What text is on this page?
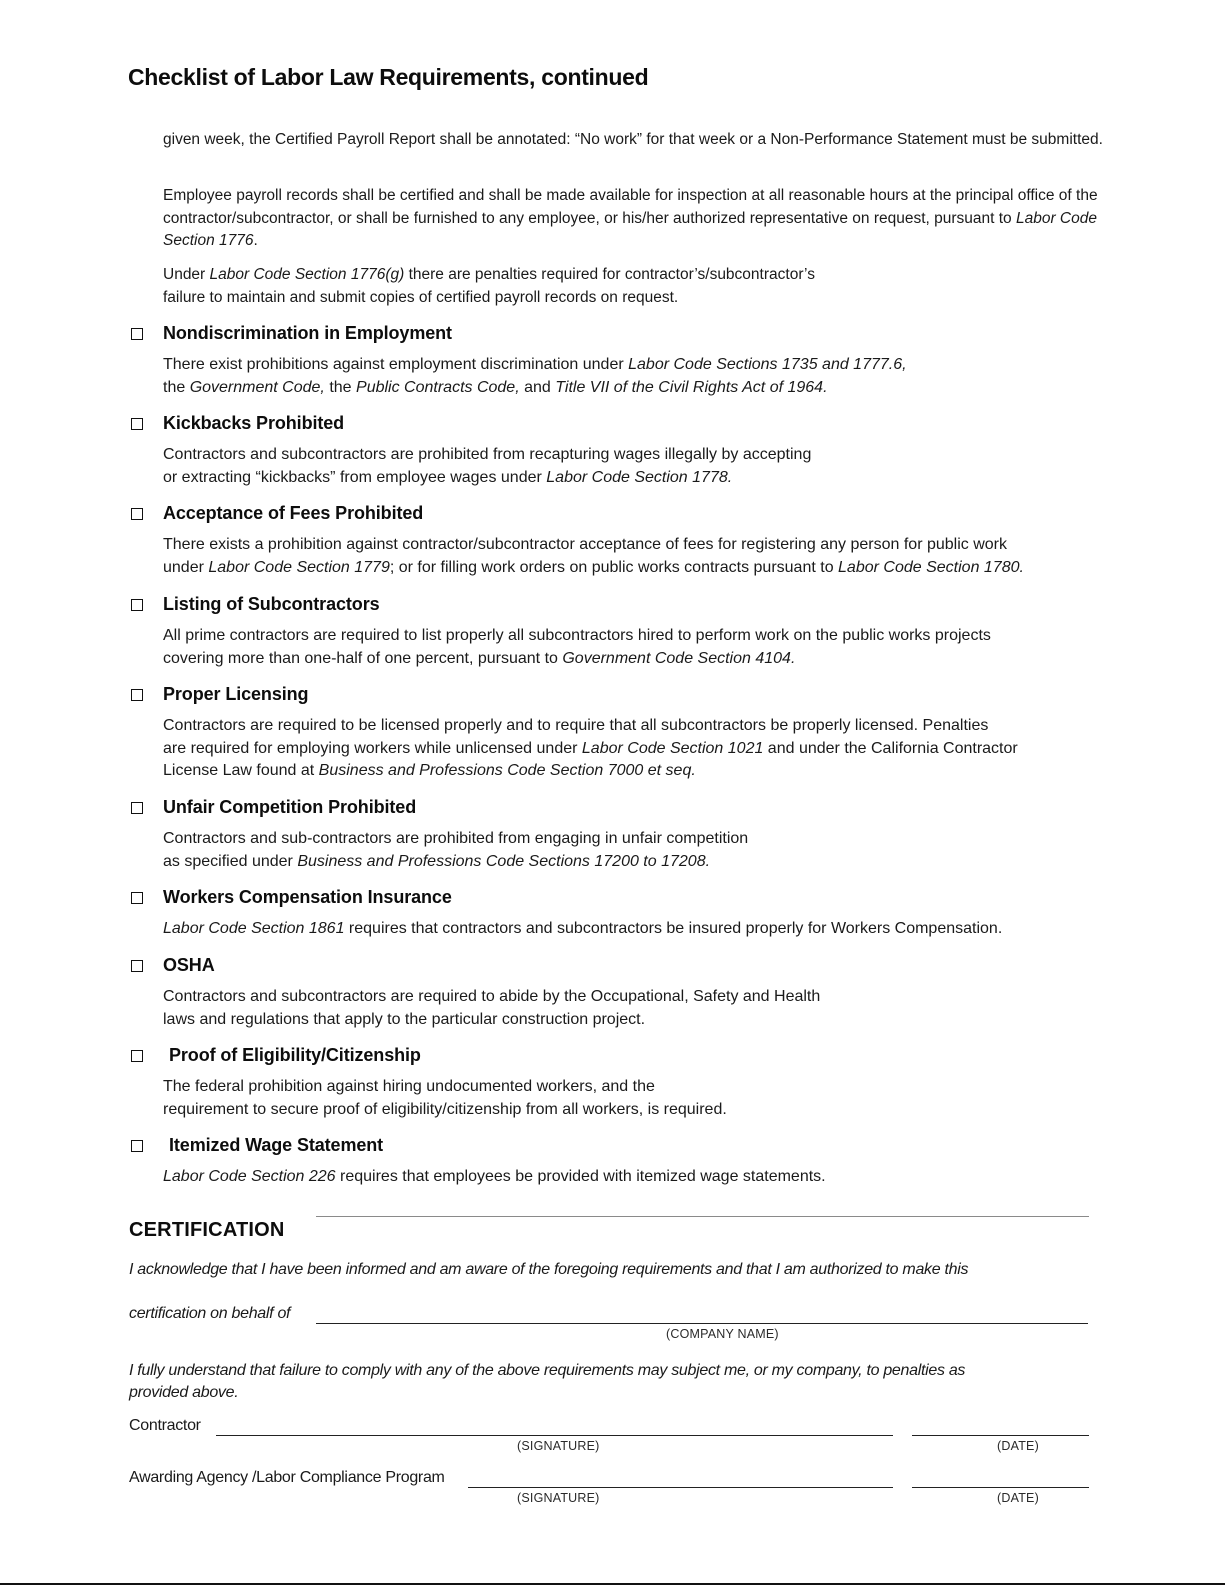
Checklist of Labor Law Requirements, continued
given week, the Certified Payroll Report shall be annotated: “No work” for that week or a Non-Performance Statement must be submitted.
Employee payroll records shall be certified and shall be made available for inspection at all reasonable hours at the principal office of the contractor/subcontractor, or shall be furnished to any employee, or his/her authorized representative on request, pursuant to Labor Code Section 1776.
Under Labor Code Section 1776(g) there are penalties required for contractor’s/subcontractor’s
failure to maintain and submit copies of certified payroll records on request.
Nondiscrimination in Employment
There exist prohibitions against employment discrimination under Labor Code Sections 1735 and 1777.6,
the Government Code, the Public Contracts Code, and Title VII of the Civil Rights Act of 1964.
Kickbacks Prohibited
Contractors and subcontractors are prohibited from recapturing wages illegally by accepting
or extracting “kickbacks” from employee wages under Labor Code Section 1778.
Acceptance of Fees Prohibited
There exists a prohibition against contractor/subcontractor acceptance of fees for registering any person for public work
under Labor Code Section 1779; or for filling work orders on public works contracts pursuant to Labor Code Section 1780.
Listing of Subcontractors
All prime contractors are required to list properly all subcontractors hired to perform work on the public works projects
covering more than one-half of one percent, pursuant to Government Code Section 4104.
Proper Licensing
Contractors are required to be licensed properly and to require that all subcontractors be properly licensed. Penalties
are required for employing workers while unlicensed under Labor Code Section 1021 and under the California Contractor
License Law found at Business and Professions Code Section 7000 et seq.
Unfair Competition Prohibited
Contractors and sub-contractors are prohibited from engaging in unfair competition
as specified under Business and Professions Code Sections 17200 to 17208.
Workers Compensation Insurance
Labor Code Section 1861 requires that contractors and subcontractors be insured properly for Workers Compensation.
OSHA
Contractors and subcontractors are required to abide by the Occupational, Safety and Health
laws and regulations that apply to the particular construction project.
Proof of Eligibility/Citizenship
The federal prohibition against hiring undocumented workers, and the
requirement to secure proof of eligibility/citizenship from all workers, is required.
Itemized Wage Statement
Labor Code Section 226 requires that employees be provided with itemized wage statements.
CERTIFICATION
I acknowledge that I have been informed and am aware of the foregoing requirements and that I am authorized to make this
certification on behalf of
(COMPANY NAME)
I fully understand that failure to comply with any of the above requirements may subject me, or my company, to penalties as
provided above.
Contractor
(SIGNATURE)	(DATE)
Awarding Agency /Labor Compliance Program
(SIGNATURE)	(DATE)
